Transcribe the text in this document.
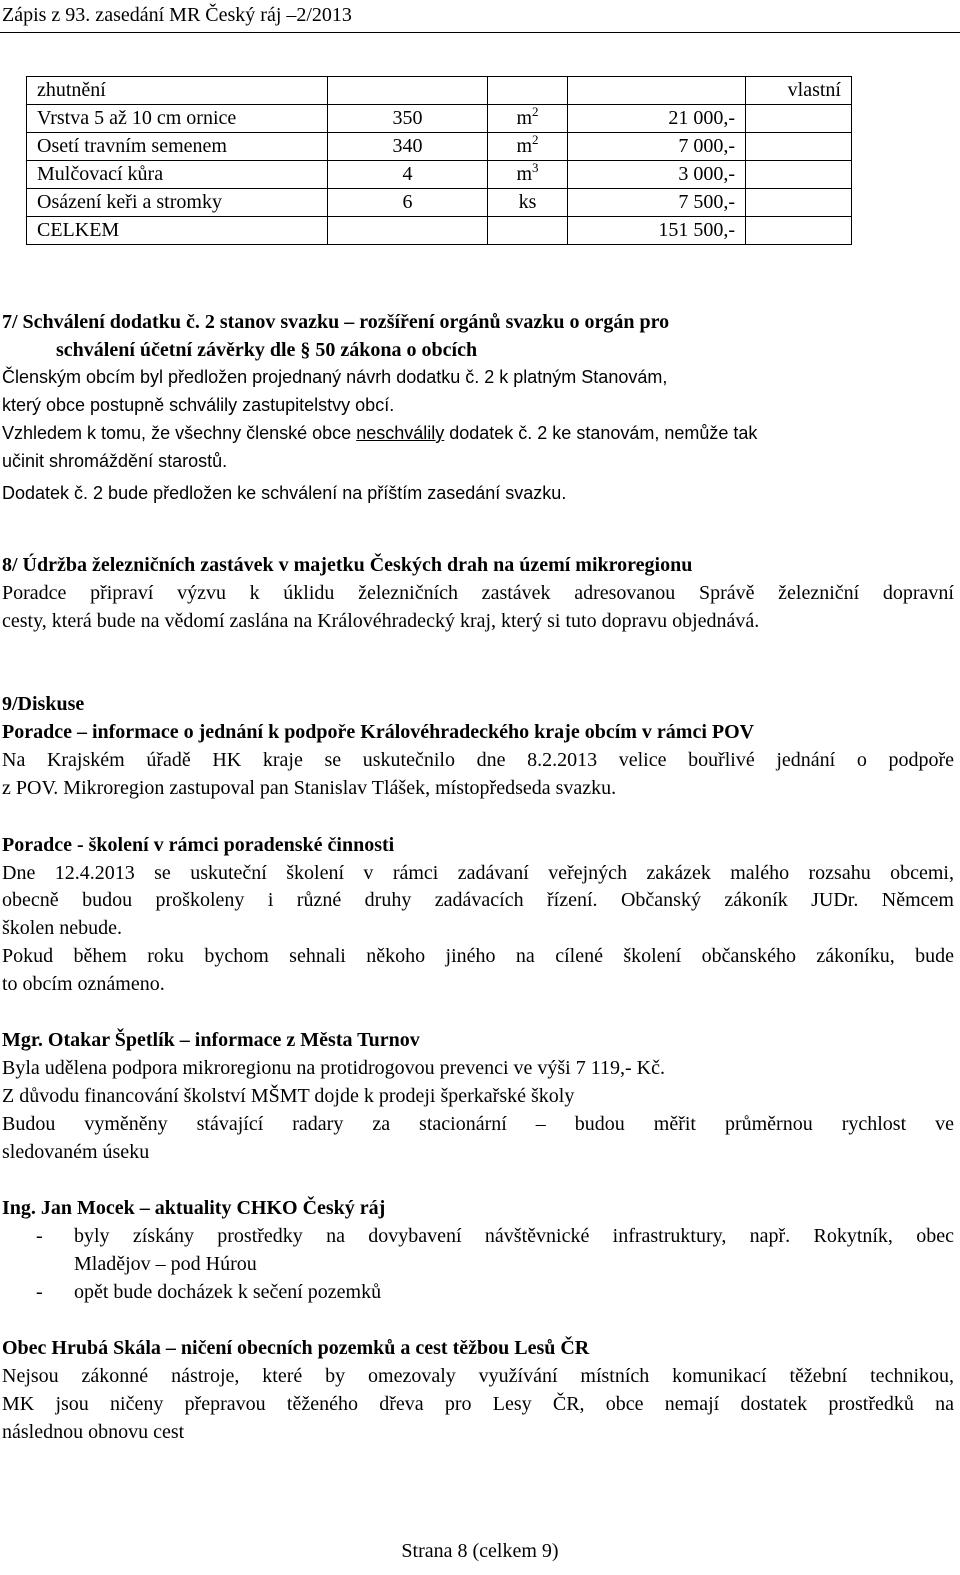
Zápis z 93. zasedání MR Český ráj –2/2013
zhutnění				vlastní
Vrstva 5 až 10 cm ornice	350	$m^2$	21 000,-	
Osetí travním semenem	340	$m^2$	7 000,-	
Mulčovací kůra	4	$m^3$	3 000,-	
Osázení keři a stromky	6	ks	7 500,-	
CELKEM			151 500,-	
7/ Schválení dodatku č. 2 stanov svazku – rozšíření orgánů svazku o orgán pro
schválení účetní závěrky dle § 50 zákona o obcích
Členským obcím byl předložen projednaný návrh dodatku č. 2 k platným Stanovám,
který obce postupně schválily zastupitelstvy obcí.
Vzhledem k tomu, že všechny členské obce neschválily dodatek č. 2 ke stanovám, nemůže tak
učinit shromáždění starostů.
Dodatek č. 2 bude předložen ke schválení na příštím zasedání svazku.
8/ Údržba železničních zastávek v majetku Českých drah na území mikroregionu
Poradce připraví výzvu k úklidu železničních zastávek adresovanou Správě železniční dopravní
cesty, která bude na vědomí zaslána na Královéhradecký kraj, který si tuto dopravu objednává.
9/Diskuse
Poradce – informace o jednání k podpoře Královéhradeckého kraje obcím v rámci POV
Na Krajském úřadě HK kraje se uskutečnilo dne 8.2.2013 velice bouřlivé jednání o podpoře
z POV. Mikroregion zastupoval pan Stanislav Tlášek, místopředseda svazku.
Poradce - školení v rámci poradenské činnosti
Dne 12.4.2013 se uskuteční školení v rámci zadávaní veřejných zakázek malého rozsahu obcemi,
obecně budou proškoleny i různé druhy zadávacích řízení. Občanský zákoník JUDr. Němcem
školen nebude.
Pokud během roku bychom sehnali někoho jiného na cílené školení občanského zákoníku, bude
to obcím oznámeno.
Mgr. Otakar Špetlík – informace z Města Turnov
Byla udělena podpora mikroregionu na protidrogovou prevenci ve výši 7 119,- Kč.
Z důvodu financování školství MŠMT dojde k prodeji šperkařské školy
Budou vyměněny stávající radary za stacionární – budou měřit průměrnou rychlost ve
sledovaném úseku
Ing. Jan Mocek – aktuality CHKO Český ráj
- byly získány prostředky na dovybavení návštěvnické infrastruktury, např. Rokytník, obec
Mladějov – pod Húrou
- opět bude docházek k sečení pozemků
Obec Hrubá Skála – ničení obecních pozemků a cest těžbou Lesů ČR
Nejsou zákonné nástroje, které by omezovaly využívání místních komunikací těžební technikou,
MK jsou ničeny přepravou těženého dřeva pro Lesy ČR, obce nemají dostatek prostředků na
následnou obnovu cest
Strana 8 (celkem 9)
